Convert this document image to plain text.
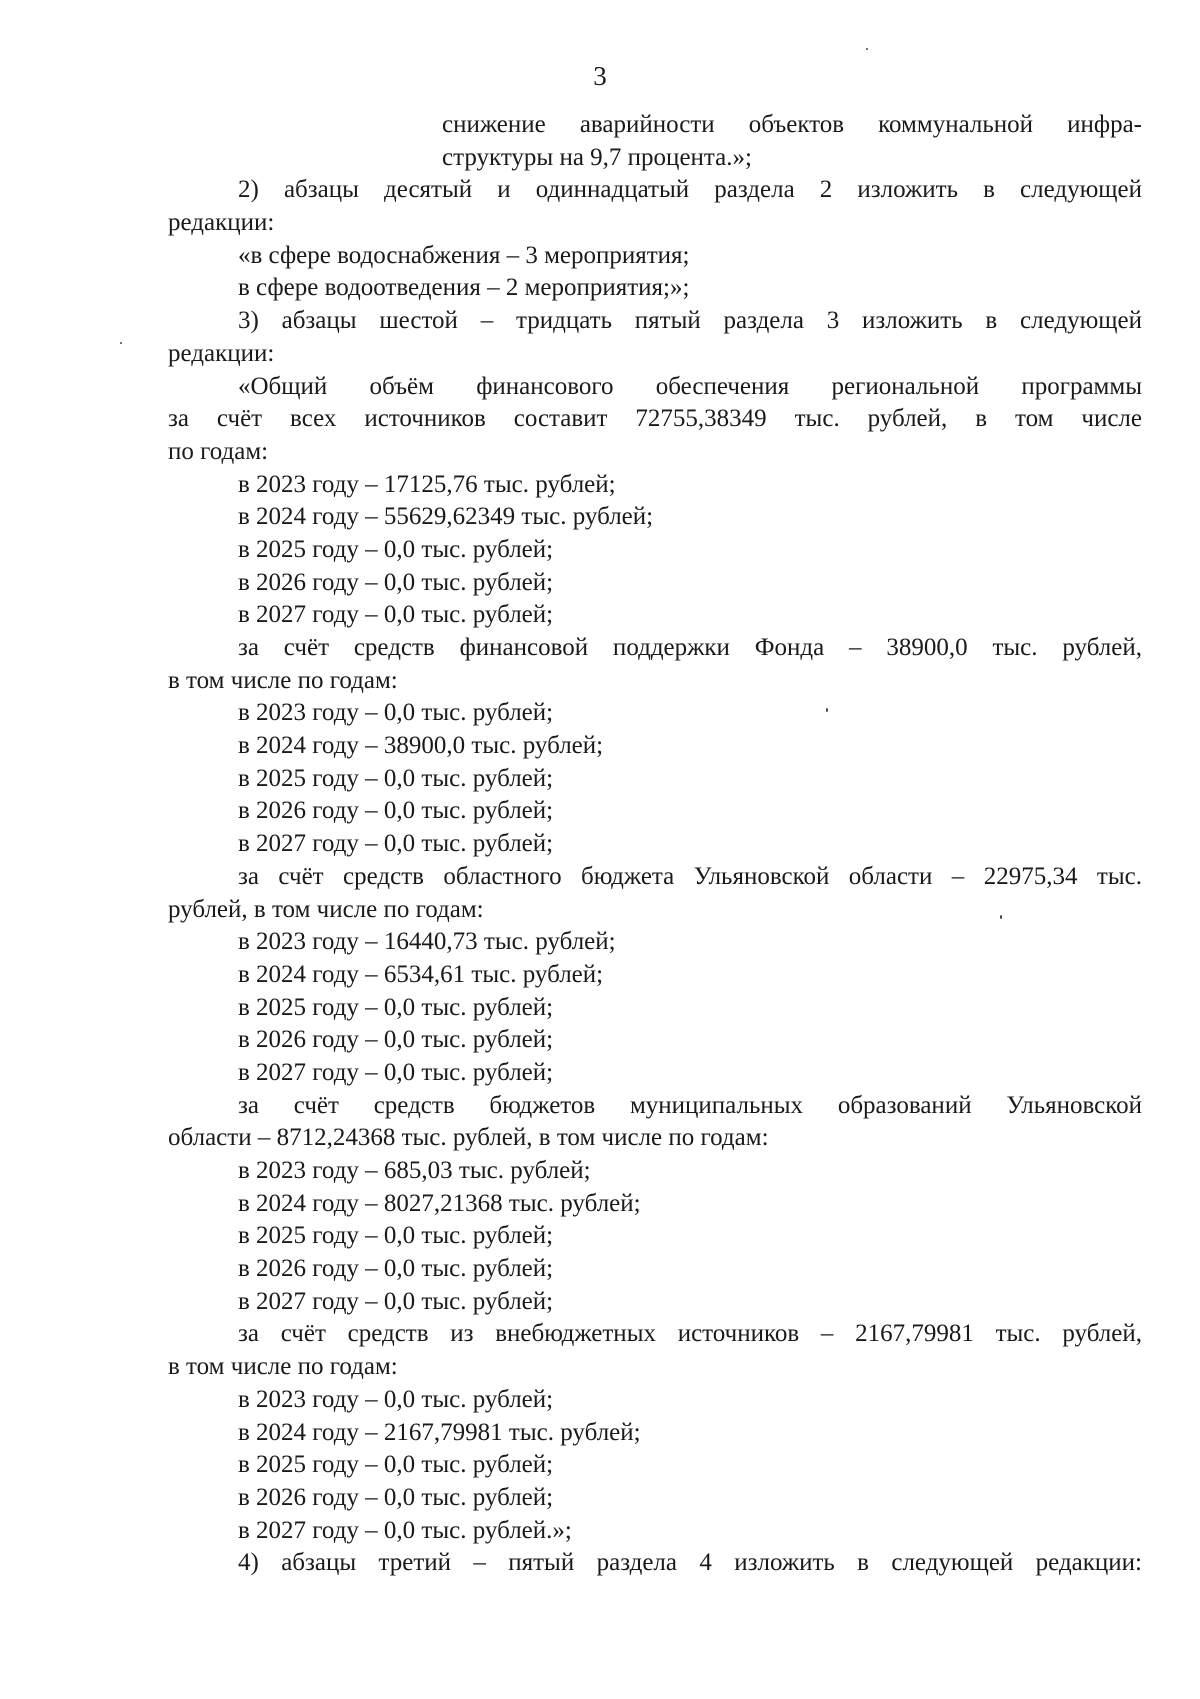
3
снижение аварийности объектов коммунальной инфра-
структуры на 9,7 процента.»;
2) абзацы десятый и одиннадцатый раздела 2 изложить в следующей
редакции:
«в сфере водоснабжения – 3 мероприятия;
в сфере водоотведения – 2 мероприятия;»;
3) абзацы шестой – тридцать пятый раздела 3 изложить в следующей
редакции:
«Общий объём финансового обеспечения региональной программы
за счёт всех источников составит 72755,38349 тыс. рублей, в том числе
по годам:
в 2023 году – 17125,76 тыс. рублей;
в 2024 году – 55629,62349 тыс. рублей;
в 2025 году – 0,0 тыс. рублей;
в 2026 году – 0,0 тыс. рублей;
в 2027 году – 0,0 тыс. рублей;
за счёт средств финансовой поддержки Фонда – 38900,0 тыс. рублей,
в том числе по годам:
в 2023 году – 0,0 тыс. рублей;
в 2024 году – 38900,0 тыс. рублей;
в 2025 году – 0,0 тыс. рублей;
в 2026 году – 0,0 тыс. рублей;
в 2027 году – 0,0 тыс. рублей;
за счёт средств областного бюджета Ульяновской области – 22975,34 тыс.
рублей, в том числе по годам:
в 2023 году – 16440,73 тыс. рублей;
в 2024 году – 6534,61 тыс. рублей;
в 2025 году – 0,0 тыс. рублей;
в 2026 году – 0,0 тыс. рублей;
в 2027 году – 0,0 тыс. рублей;
за счёт средств бюджетов муниципальных образований Ульяновской
области – 8712,24368 тыс. рублей, в том числе по годам:
в 2023 году – 685,03 тыс. рублей;
в 2024 году – 8027,21368 тыс. рублей;
в 2025 году – 0,0 тыс. рублей;
в 2026 году – 0,0 тыс. рублей;
в 2027 году – 0,0 тыс. рублей;
за счёт средств из внебюджетных источников – 2167,79981 тыс. рублей,
в том числе по годам:
в 2023 году – 0,0 тыс. рублей;
в 2024 году – 2167,79981 тыс. рублей;
в 2025 году – 0,0 тыс. рублей;
в 2026 году – 0,0 тыс. рублей;
в 2027 году – 0,0 тыс. рублей.»;
4) абзацы третий – пятый раздела 4 изложить в следующей редакции:
